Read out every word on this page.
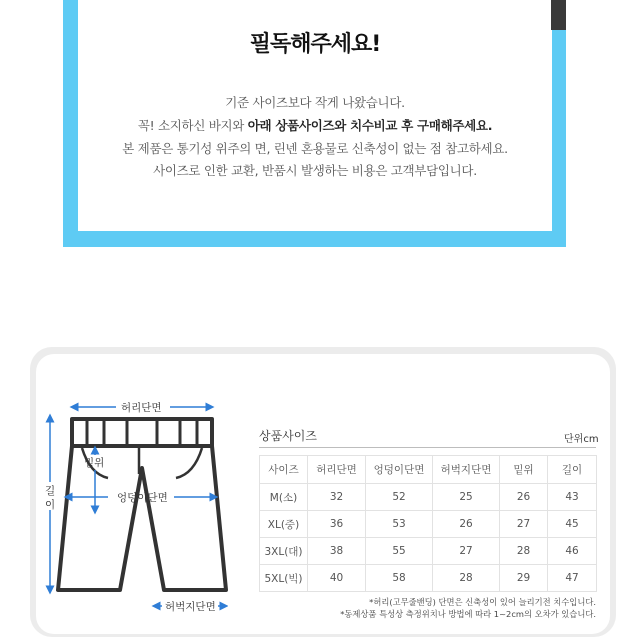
필독해주세요!
기준 사이즈보다 작게 나왔습니다.
꼭! 소지하신 바지와 아래 상품사이즈와 치수비교 후 구매해주세요.
본 제품은 통기성 위주의 면, 린넨 혼용물로 신축성이 없는 점 참고하세요.
사이즈로 인한 교환, 반품시 발생하는 비용은 고객부담입니다.
허리단면
밑위
엉덩이단면
길
이
허벅지단면
상품사이즈	단위cm
사이즈	허리단면	엉덩이단면	허벅지단면	밑위	길이
M(소)	32	52	25	26	43
XL(중)	36	53	26	27	45
3XL(대)	38	55	27	28	46
5XL(빅)	40	58	28	29	47
*허리(고무줄밴딩) 단면은 신축성이 있어 늘리기전 치수입니다.
*동제상품 특성상 측정위치나 방법에 따라 1~2cm의 오차가 있습니다.
